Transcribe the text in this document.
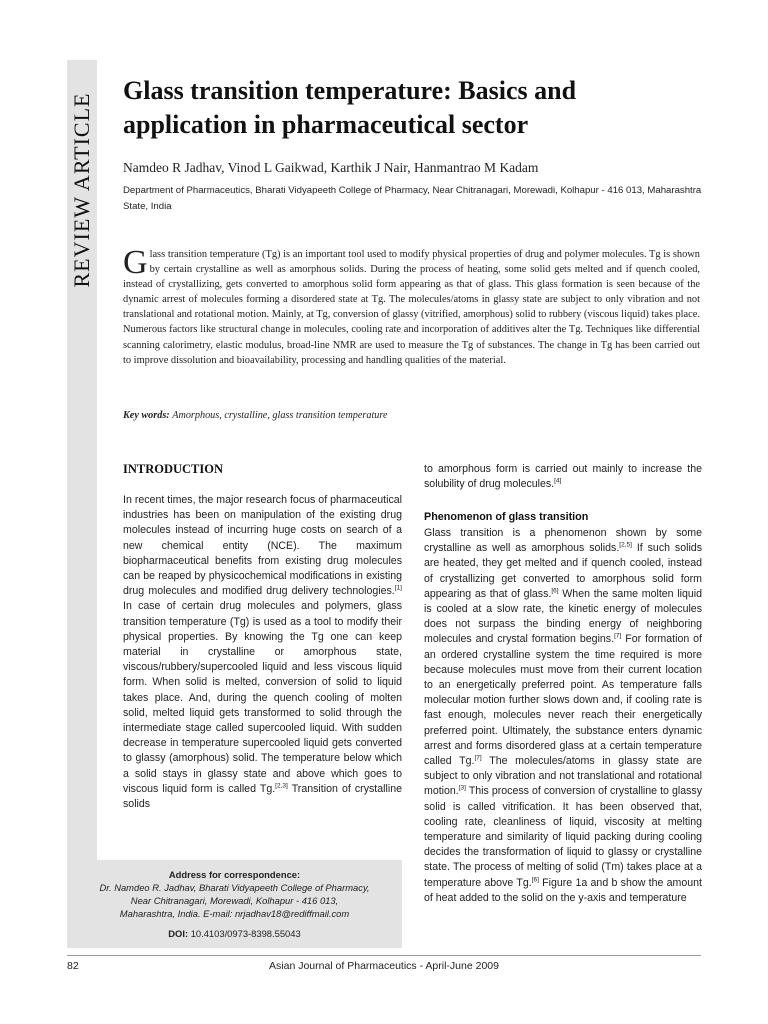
REVIEW ARTICLE
Glass transition temperature: Basics and application in pharmaceutical sector
Namdeo R Jadhav, Vinod L Gaikwad, Karthik J Nair, Hanmantrao M Kadam
Department of Pharmaceutics, Bharati Vidyapeeth College of Pharmacy, Near Chitranagari, Morewadi, Kolhapur - 416 013, Maharashtra State, India
Glass transition temperature (Tg) is an important tool used to modify physical properties of drug and polymer molecules. Tg is shown by certain crystalline as well as amorphous solids. During the process of heating, some solid gets melted and if quench cooled, instead of crystallizing, gets converted to amorphous solid form appearing as that of glass. This glass formation is seen because of the dynamic arrest of molecules forming a disordered state at Tg. The molecules/atoms in glassy state are subject to only vibration and not translational and rotational motion. Mainly, at Tg, conversion of glassy (vitrified, amorphous) solid to rubbery (viscous liquid) takes place. Numerous factors like structural change in molecules, cooling rate and incorporation of additives alter the Tg. Techniques like differential scanning calorimetry, elastic modulus, broad-line NMR are used to measure the Tg of substances. The change in Tg has been carried out to improve dissolution and bioavailability, processing and handling qualities of the material.
Key words: Amorphous, crystalline, glass transition temperature
INTRODUCTION
In recent times, the major research focus of pharmaceutical industries has been on manipulation of the existing drug molecules instead of incurring huge costs on search of a new chemical entity (NCE). The maximum biopharmaceutical benefits from existing drug molecules can be reaped by physicochemical modifications in existing drug molecules and modified drug delivery technologies.[1] In case of certain drug molecules and polymers, glass transition temperature (Tg) is used as a tool to modify their physical properties. By knowing the Tg one can keep material in crystalline or amorphous state, viscous/rubbery/supercooled liquid and less viscous liquid form. When solid is melted, conversion of solid to liquid takes place. And, during the quench cooling of molten solid, melted liquid gets transformed to solid through the intermediate stage called supercooled liquid. With sudden decrease in temperature supercooled liquid gets converted to glassy (amorphous) solid. The temperature below which a solid stays in glassy state and above which goes to viscous liquid form is called Tg.[2,3] Transition of crystalline solids
to amorphous form is carried out mainly to increase the solubility of drug molecules.[4]
Phenomenon of glass transition
Glass transition is a phenomenon shown by some crystalline as well as amorphous solids.[2,5] If such solids are heated, they get melted and if quench cooled, instead of crystallizing get converted to amorphous solid form appearing as that of glass.[6] When the same molten liquid is cooled at a slow rate, the kinetic energy of molecules does not surpass the binding energy of neighboring molecules and crystal formation begins.[7] For formation of an ordered crystalline system the time required is more because molecules must move from their current location to an energetically preferred point. As temperature falls molecular motion further slows down and, if cooling rate is fast enough, molecules never reach their energetically preferred point. Ultimately, the substance enters dynamic arrest and forms disordered glass at a certain temperature called Tg.[7] The molecules/atoms in glassy state are subject to only vibration and not translational and rotational motion.[3] This process of conversion of crystalline to glassy solid is called vitrification. It has been observed that, cooling rate, cleanliness of liquid, viscosity at melting temperature and similarity of liquid packing during cooling decides the transformation of liquid to glassy or crystalline state. The process of melting of solid (Tm) takes place at a temperature above Tg.[6] Figure 1a and b show the amount of heat added to the solid on the y-axis and temperature
Address for correspondence:
Dr. Namdeo R. Jadhav, Bharati Vidyapeeth College of Pharmacy,
Near Chitranagari, Morewadi, Kolhapur - 416 013,
Maharashtra, India. E-mail: nrjadhav18@rediffmail.com
DOI: 10.4103/0973-8398.55043
82	Asian Journal of Pharmaceutics - April-June 2009
